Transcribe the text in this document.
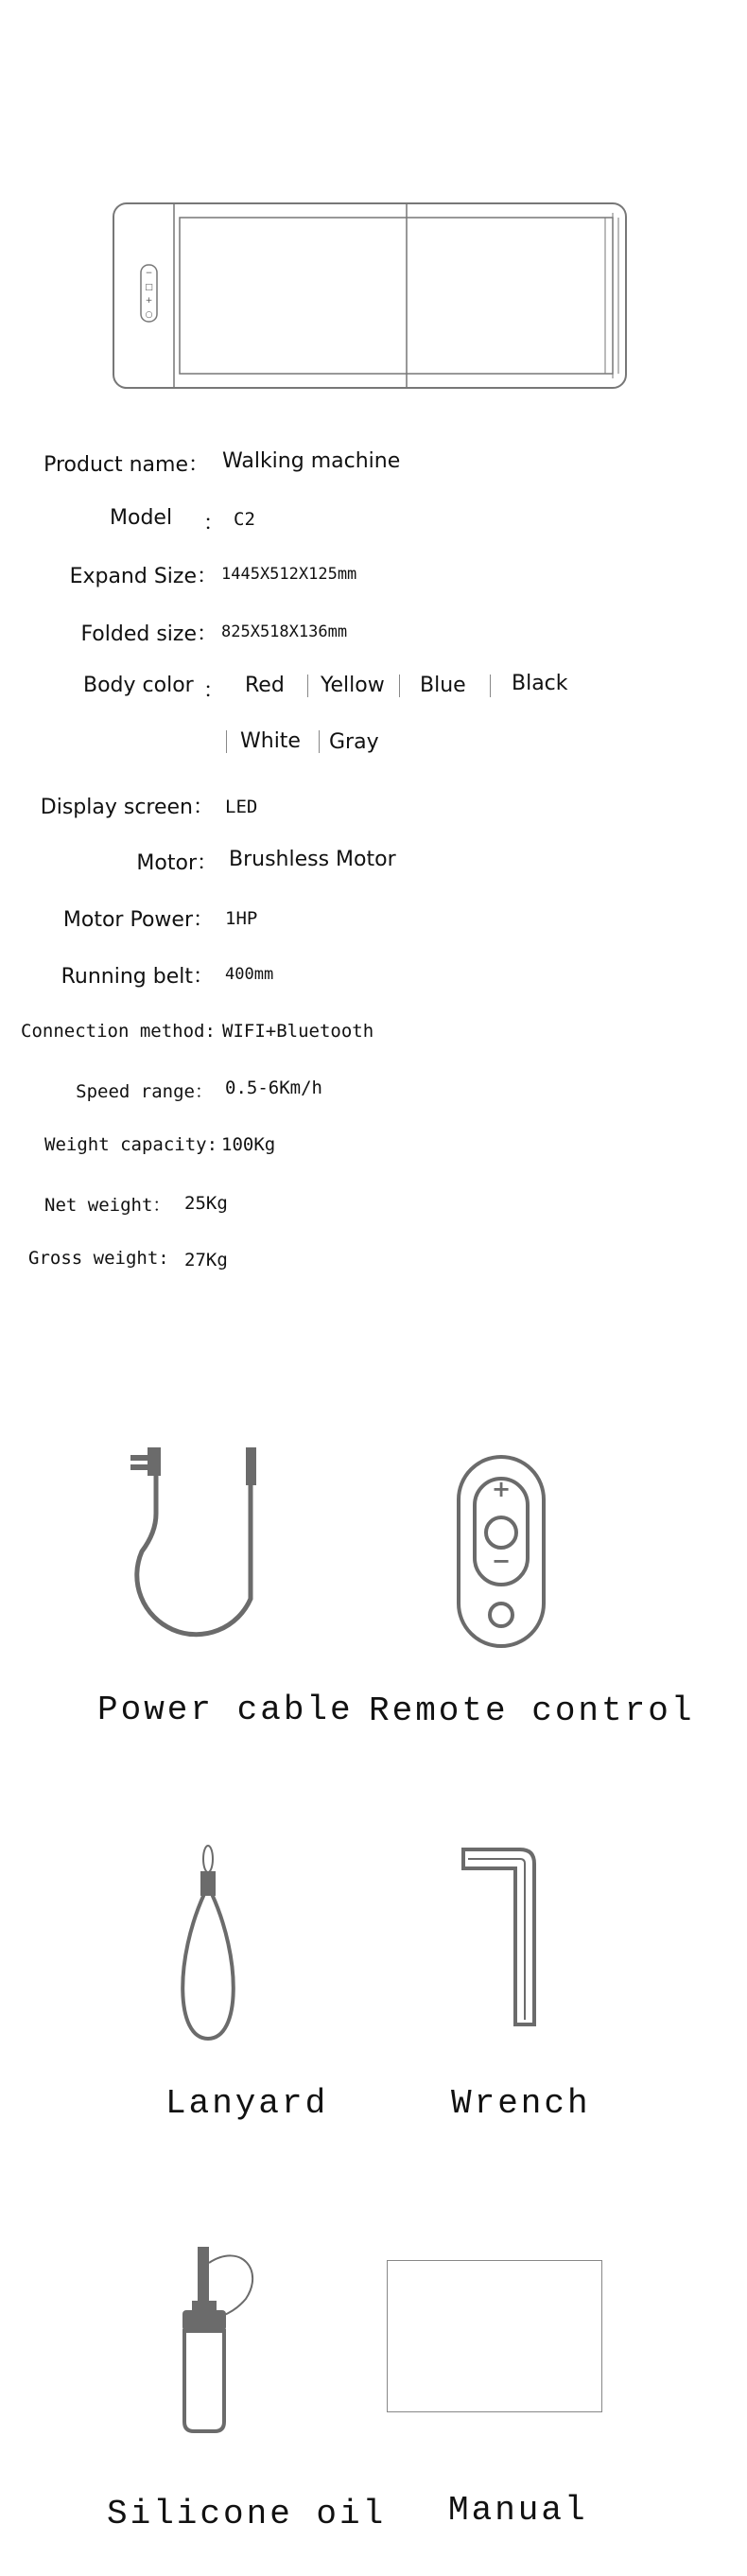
−
□
+
○
Product name： Walking machine
Model ： C2
Expand Size： 1445X512X125mm
Folded size： 825X518X136mm
Body color ： Red Yellow Blue Black
White Gray
Display screen： LED
Motor： Brushless Motor
Motor Power： 1HP
Running belt： 400mm
Connection method: WIFI+Bluetooth
Speed range： 0.5-6Km/h
Weight capacity: 100Kg
Net weight： 25Kg
Gross weight: 27Kg
Power cable
+
−
Remote control
Lanyard	Wrench
Silicone oil Manual
